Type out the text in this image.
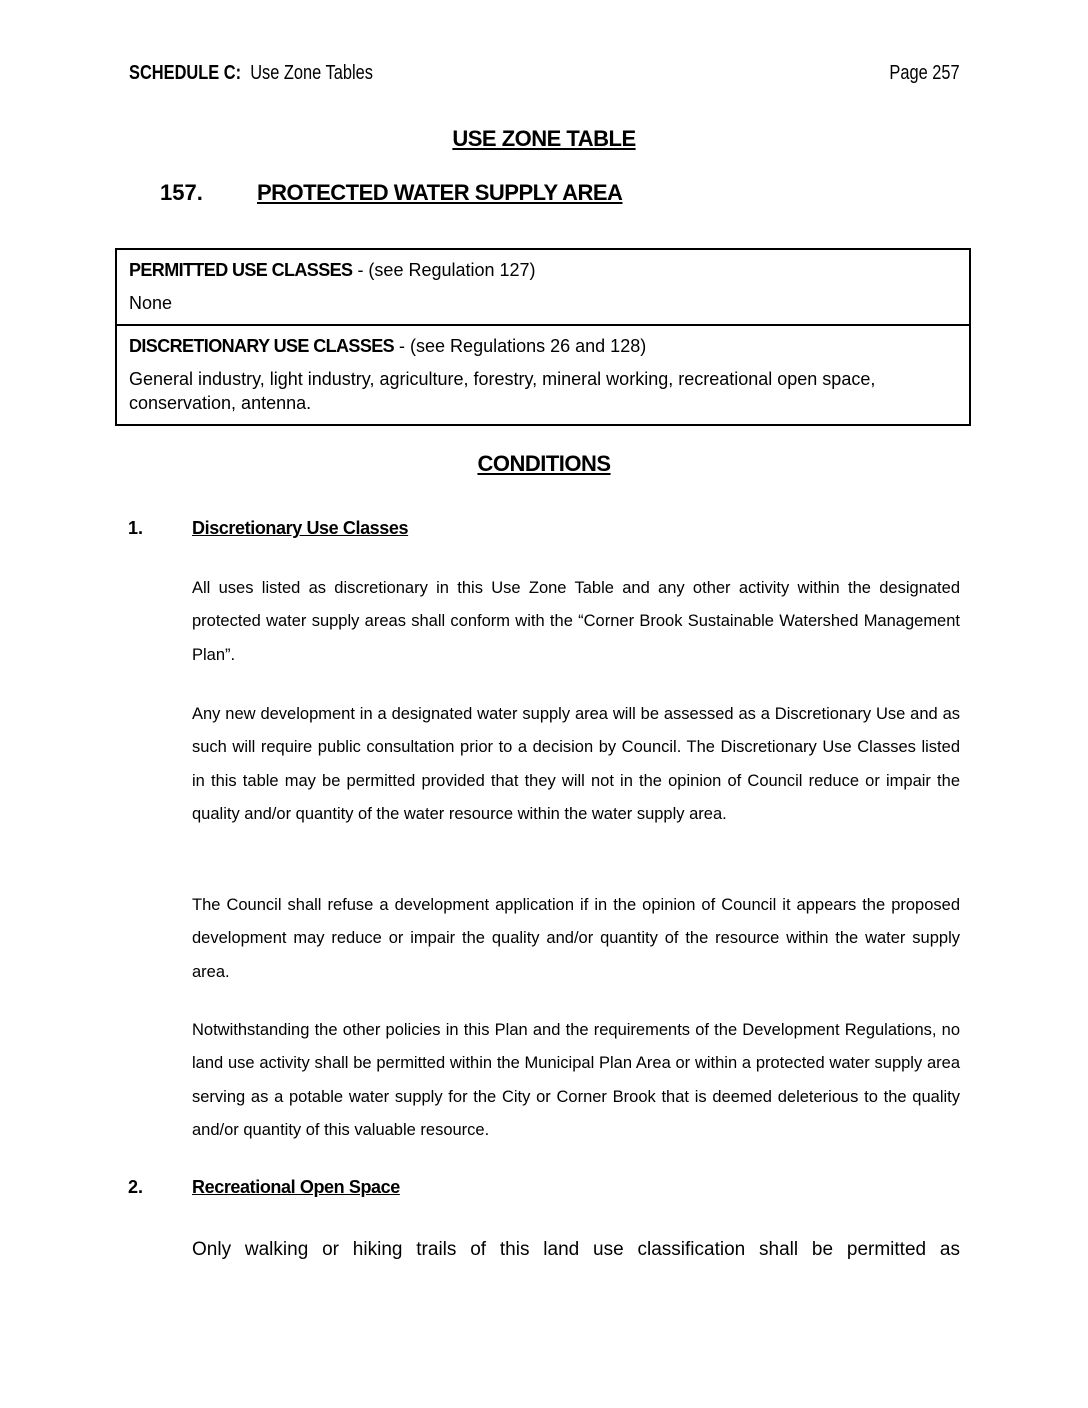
SCHEDULE C: Use Zone Tables	Page 257
USE ZONE TABLE
157. PROTECTED WATER SUPPLY AREA
PERMITTED USE CLASSES - (see Regulation 127)
None
DISCRETIONARY USE CLASSES - (see Regulations 26 and 128)
General industry, light industry, agriculture, forestry, mineral working, recreational open space, conservation, antenna.
CONDITIONS
1.	Discretionary Use Classes
All uses listed as discretionary in this Use Zone Table and any other activity within the designated protected water supply areas shall conform with the “Corner Brook Sustainable Watershed Management Plan”.
Any new development in a designated water supply area will be assessed as a Discretionary Use and as such will require public consultation prior to a decision by Council. The Discretionary Use Classes listed in this table may be permitted provided that they will not in the opinion of Council reduce or impair the quality and/or quantity of the water resource within the water supply area.
The Council shall refuse a development application if in the opinion of Council it appears the proposed development may reduce or impair the quality and/or quantity of the resource within the water supply area.
Notwithstanding the other policies in this Plan and the requirements of the Development Regulations, no land use activity shall be permitted within the Municipal Plan Area or within a protected water supply area serving as a potable water supply for the City or Corner Brook that is deemed deleterious to the quality and/or quantity of this valuable resource.
2.	Recreational Open Space
Only walking or hiking trails of this land use classification shall be permitted as
